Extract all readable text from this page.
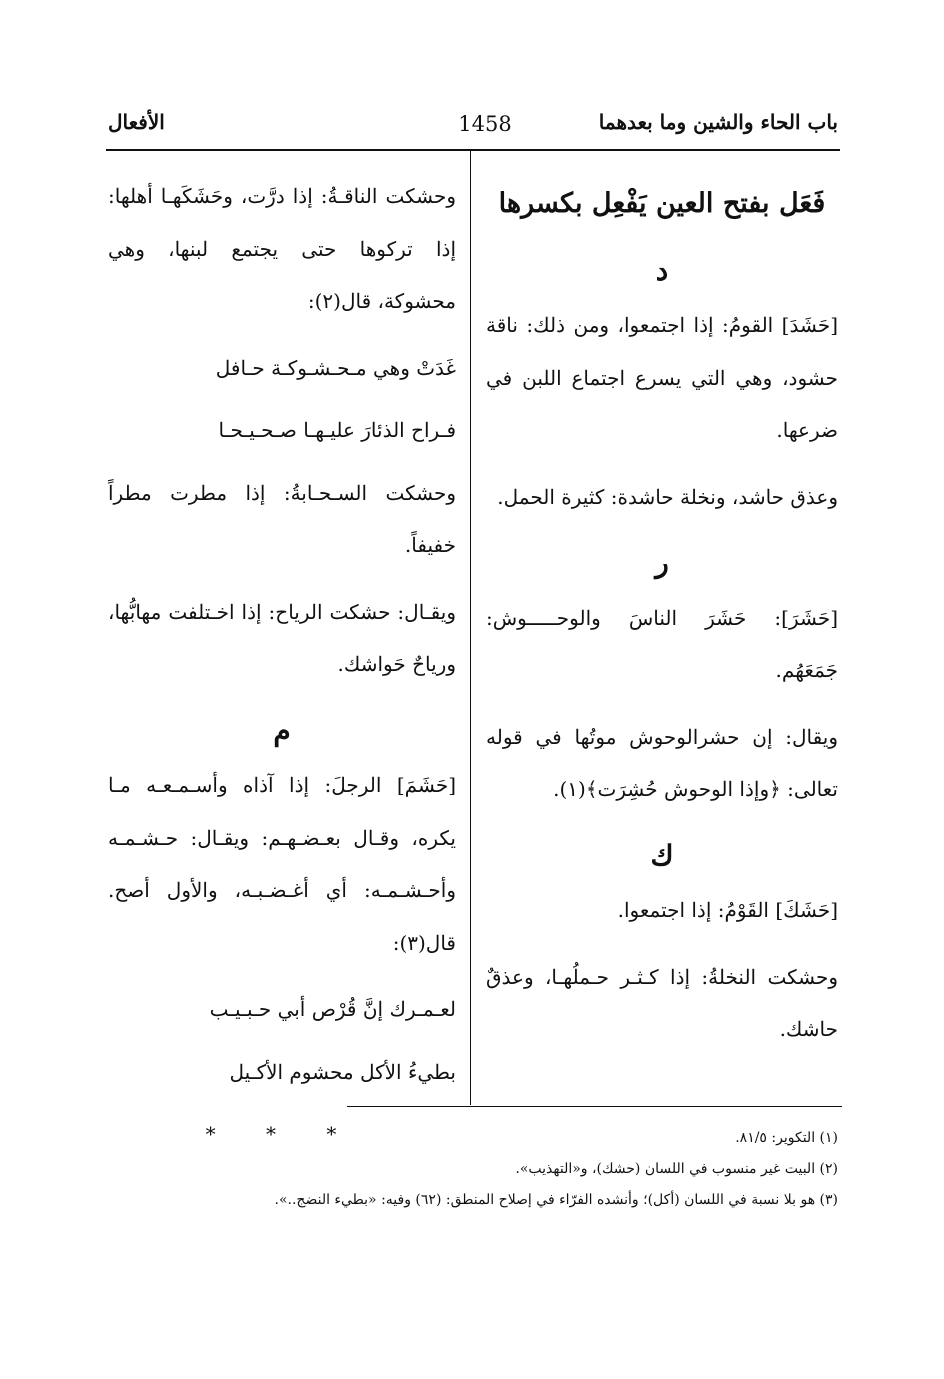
باب الحاء والشين وما بعدهما
1458
الأفعال

فَعَل بفتح العين يَفْعِل بكسرها

د

[حَشَدَ] القومُ: إذا اجتمعوا، ومن ذلك: ناقة حشود، وهي التي يسرع اجتماع اللبن في ضرعها.

وعذق حاشد، ونخلة حاشدة: كثيرة الحمل.

ر

[حَشَرَ]: حَشَرَ الناسَ والوحـــــوش: جَمَعَهُم.

ويقال: إن حشرالوحوش موتُها في قوله تعالى: ﴿وإذا الوحوش حُشِرَت﴾(١).

ك

[حَشَكَ] القَوْمُ: إذا اجتمعوا.

وحشكت النخلةُ: إذا كـثـر حـملُهـا، وعذقٌ حاشك.

وحشكت الناقـةُ: إذا درَّت، وحَشَكَهـا أهلها: إذا تركوها حتى يجتمع لبنها، وهي محشوكة، قال(٢):

غَدَتْ وهي مـحـشـوكـة حـافل

فـراح الذئارَ عليـهـا صـحـيـحـا

وحشكت السـحـابةُ: إذا مطرت مطراً خفيفاً.

ويقـال: حشكت الرياح: إذا اخـتلفت مهابُّها، ورياحٌ حَواشك.

م

[حَشَمَ] الرجلَ: إذا آذاه وأسـمـعـه مـا يكره، وقـال بعـضـهـم: ويقـال: حـشـمـه وأحـشـمـه: أي أغـضـبـه، والأول أصح. قال(٣):

لعـمـرك إنَّ قُرْص أبي حـبـيـب

بطيءُ الأكل محشوم الأكـيل

* * *	(١) التكوير: ٨١/٥.
(٢) البيت غير منسوب في اللسان (حشك)، و«التهذيب».
(٣) هو بلا نسبة في اللسان (أكل)؛ وأنشده الفرّاء في إصلاح المنطق: (٦٢) وفيه: «بطيء النضج..».
